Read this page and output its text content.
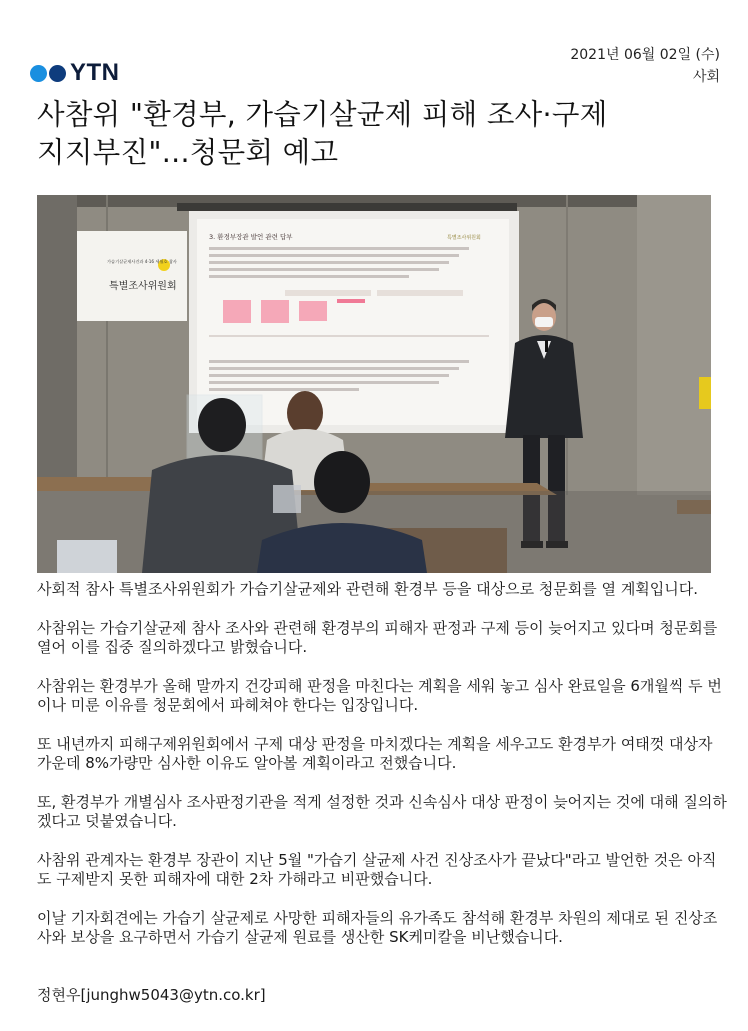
YTN
2021년 06월 02일 (수)
사회
사참위 "환경부, 가습기살균제 피해 조사·구제
지지부진"...청문회 예고
3. 환경부장관 발언 관련 답부	특별조사위원회
가습기살균제사건과 4·16 세월호 참사
특별조사위원회

사회적 참사 특별조사위원회가 가습기살균제와 관련해 환경부 등을 대상으로 청문회를 열 계획입니다.

사참위는 가습기살균제 참사 조사와 관련해 환경부의 피해자 판정과 구제 등이 늦어지고 있다며 청문회를 열어 이를 집중 질의하겠다고 밝혔습니다.

사참위는 환경부가 올해 말까지 건강피해 판정을 마친다는 계획을 세워 놓고 심사 완료일을 6개월씩 두 번이나 미룬 이유를 청문회에서 파헤쳐야 한다는 입장입니다.

또 내년까지 피해구제위원회에서 구제 대상 판정을 마치겠다는 계획을 세우고도 환경부가 여태껏 대상자 가운데 8%가량만 심사한 이유도 알아볼 계획이라고 전했습니다.

또, 환경부가 개별심사 조사판정기관을 적게 설정한 것과 신속심사 대상 판정이 늦어지는 것에 대해 질의하겠다고 덧붙였습니다.

사참위 관계자는 환경부 장관이 지난 5월 "가습기 살균제 사건 진상조사가 끝났다"라고 발언한 것은 아직도 구제받지 못한 피해자에 대한 2차 가해라고 비판했습니다.

이날 기자회견에는 가습기 살균제로 사망한 피해자들의 유가족도 참석해 환경부 차원의 제대로 된 진상조사와 보상을 요구하면서 가습기 살균제 원료를 생산한 SK케미칼을 비난했습니다.

정현우[junghw5043@ytn.co.kr]
